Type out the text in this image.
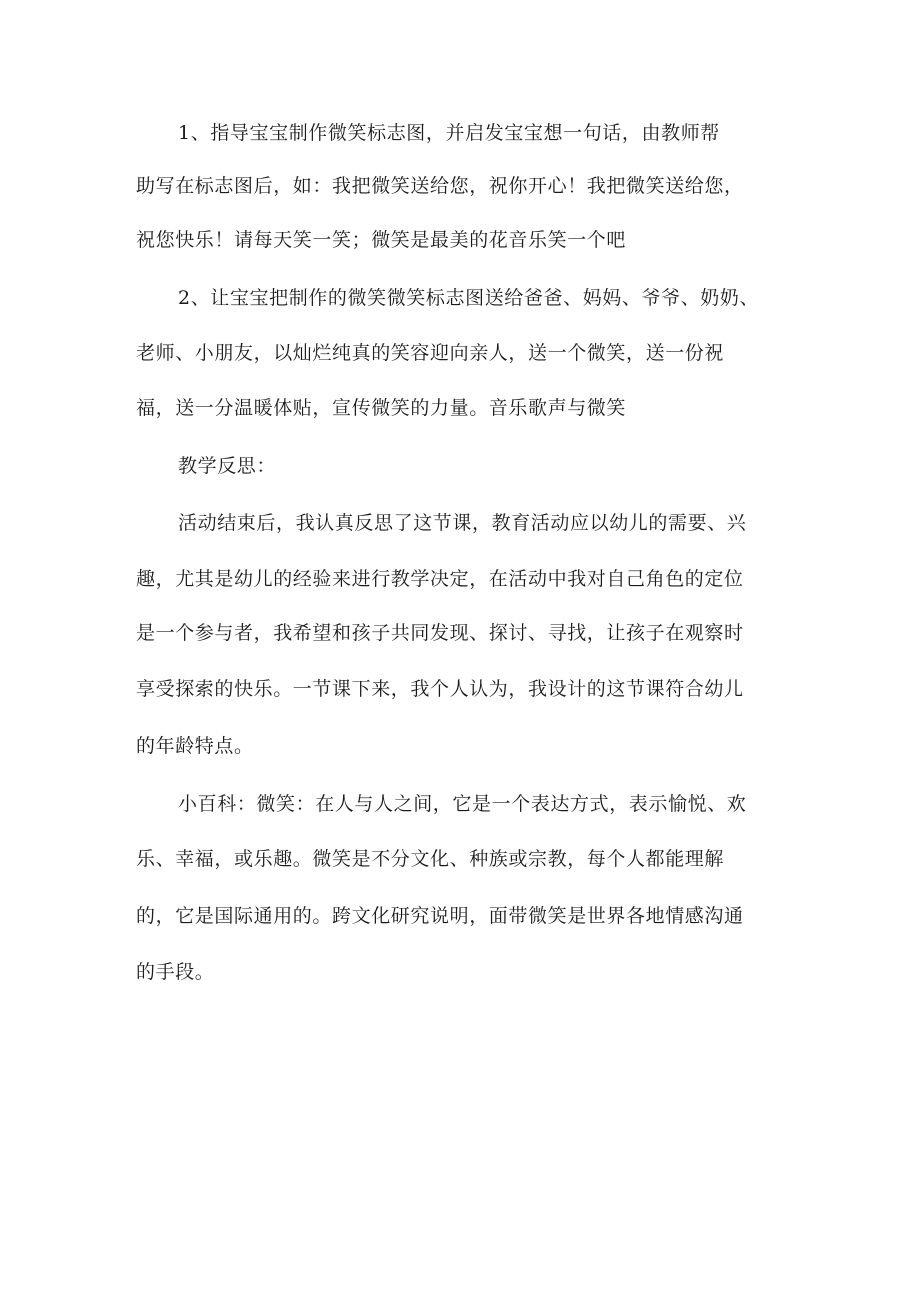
1、指导宝宝制作微笑标志图，并启发宝宝想一句话，由教师帮
助写在标志图后，如：我把微笑送给您，祝你开心！我把微笑送给您，
祝您快乐！请每天笑一笑；微笑是最美的花音乐笑一个吧
2、让宝宝把制作的微笑微笑标志图送给爸爸、妈妈、爷爷、奶奶、
老师、小朋友，以灿烂纯真的笑容迎向亲人，送一个微笑，送一份祝
福，送一分温暖体贴，宣传微笑的力量。音乐歌声与微笑
教学反思：
活动结束后，我认真反思了这节课，教育活动应以幼儿的需要、兴
趣，尤其是幼儿的经验来进行教学决定，在活动中我对自己角色的定位
是一个参与者，我希望和孩子共同发现、探讨、寻找，让孩子在观察时
享受探索的快乐。一节课下来，我个人认为，我设计的这节课符合幼儿
的年龄特点。
小百科：微笑：在人与人之间，它是一个表达方式，表示愉悦、欢
乐、幸福，或乐趣。微笑是不分文化、种族或宗教，每个人都能理解
的，它是国际通用的。跨文化研究说明，面带微笑是世界各地情感沟通
的手段。
